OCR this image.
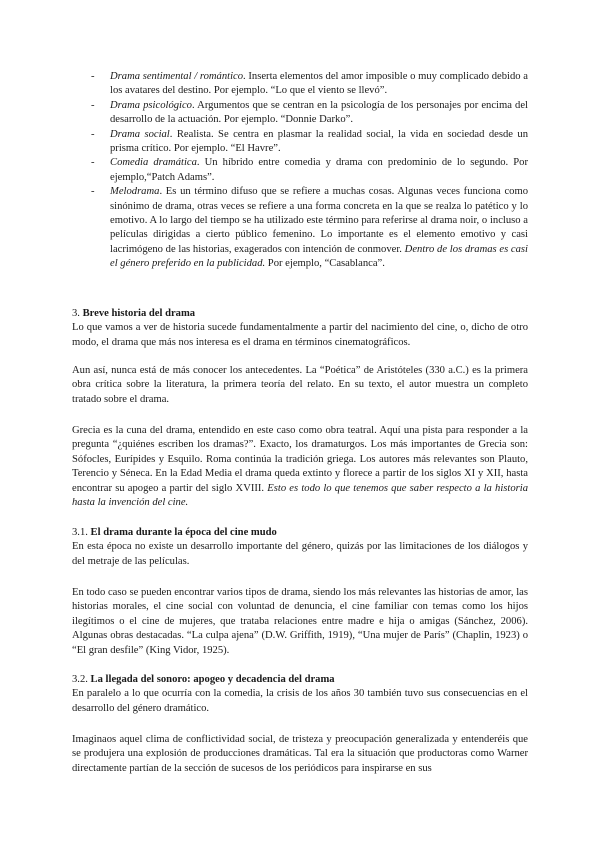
- Drama sentimental / romántico. Inserta elementos del amor imposible o muy complicado debido a los avatares del destino. Por ejemplo. “Lo que el viento se llevó”.

- Drama psicológico. Argumentos que se centran en la psicología de los personajes por encima del desarrollo de la actuación. Por ejemplo. “Donnie Darko”.

- Drama social. Realista. Se centra en plasmar la realidad social, la vida en sociedad desde un prisma crítico. Por ejemplo. “El Havre”.

- Comedia dramática. Un híbrido entre comedia y drama con predominio de lo segundo. Por ejemplo,“Patch Adams”.

- Melodrama. Es un término difuso que se refiere a muchas cosas. Algunas veces funciona como sinónimo de drama, otras veces se refiere a una forma concreta en la que se realza lo patético y lo emotivo. A lo largo del tiempo se ha utilizado este término para referirse al drama noir, o incluso a películas dirigidas a cierto público femenino. Lo importante es el elemento emotivo y casi lacrimógeno de las historias, exagerados con intención de conmover. Dentro de los dramas es casi el género preferido en la publicidad. Por ejemplo, “Casablanca”.

3. Breve historia del drama

Lo que vamos a ver de historia sucede fundamentalmente a partir del nacimiento del cine, o, dicho de otro modo, el drama que más nos interesa es el drama en términos cinematográficos.

Aun así, nunca está de más conocer los antecedentes. La “Poética” de Aristóteles (330 a.C.) es la primera obra crítica sobre la literatura, la primera teoría del relato. En su texto, el autor muestra un completo tratado sobre el drama.

Grecia es la cuna del drama, entendido en este caso como obra teatral. Aquí una pista para responder a la pregunta “¿quiénes escriben los dramas?”. Exacto, los dramaturgos. Los más importantes de Grecia son: Sófocles, Eurípides y Esquilo. Roma continúa la tradición griega. Los autores más relevantes son Plauto, Terencio y Séneca. En la Edad Media el drama queda extinto y florece a partir de los siglos XI y XII, hasta encontrar su apogeo a partir del siglo XVIII. Esto es todo lo que tenemos que saber respecto a la historia hasta la invención del cine.

3.1. El drama durante la época del cine mudo

En esta época no existe un desarrollo importante del género, quizás por las limitaciones de los diálogos y del metraje de las películas.

En todo caso se pueden encontrar varios tipos de drama, siendo los más relevantes las historias de amor, las historias morales, el cine social con voluntad de denuncia, el cine familiar con temas como los hijos ilegítimos o el cine de mujeres, que trataba relaciones entre madre e hija o amigas (Sánchez, 2006). Algunas obras destacadas. “La culpa ajena” (D.W. Griffith, 1919), “Una mujer de París” (Chaplin, 1923) o “El gran desfile” (King Vidor, 1925).

3.2. La llegada del sonoro: apogeo y decadencia del drama

En paralelo a lo que ocurría con la comedia, la crisis de los años 30 también tuvo sus consecuencias en el desarrollo del género dramático.

Imaginaos aquel clima de conflictividad social, de tristeza y preocupación generalizada y entenderéis que se produjera una explosión de producciones dramáticas. Tal era la situación que productoras como Warner directamente partían de la sección de sucesos de los periódicos para inspirarse en sus
